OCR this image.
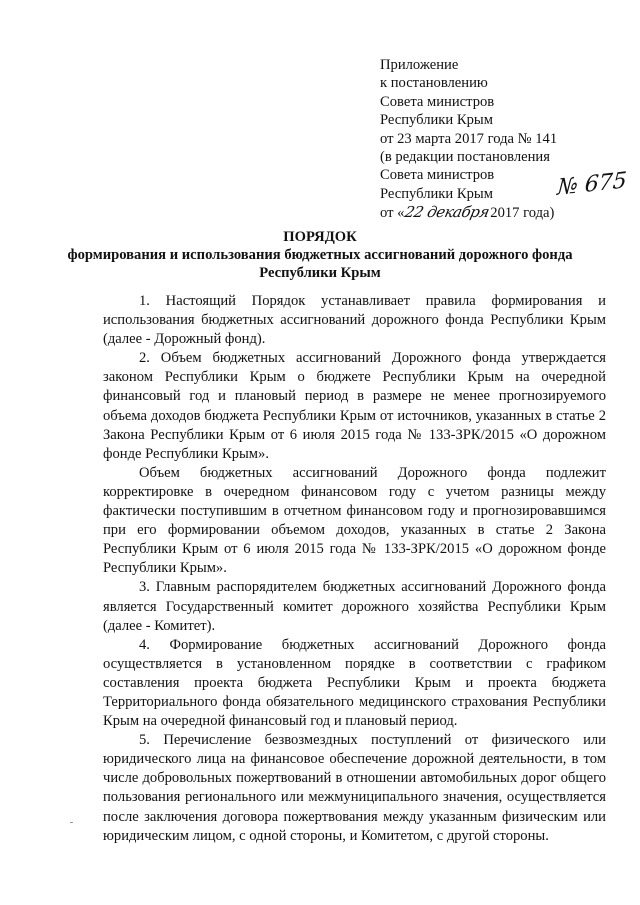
Приложение
к постановлению
Совета министров
Республики Крым
от 23 марта 2017 года № 141
(в редакции постановления
Совета министров
Республики Крым
от «22 декабря2017 года)
№ 675
ПОРЯДОК
формирования и использования бюджетных ассигнований дорожного фонда
Республики Крым

1. Настоящий Порядок устанавливает правила формирования и использования бюджетных ассигнований дорожного фонда Республики Крым (далее - Дорожный фонд).

2. Объем бюджетных ассигнований Дорожного фонда утверждается законом Республики Крым о бюджете Республики Крым на очередной финансовый год и плановый период в размере не менее прогнозируемого объема доходов бюджета Республики Крым от источников, указанных в статье 2 Закона Республики Крым от 6 июля 2015 года № 133-ЗРК/2015 «О дорожном фонде Республики Крым».

Объем бюджетных ассигнований Дорожного фонда подлежит корректировке в очередном финансовом году с учетом разницы между фактически поступившим в отчетном финансовом году и прогнозировавшимся при его формировании объемом доходов, указанных в статье 2 Закона Республики Крым от 6 июля 2015 года № 133-ЗРК/2015 «О дорожном фонде Республики Крым».

3. Главным распорядителем бюджетных ассигнований Дорожного фонда является Государственный комитет дорожного хозяйства Республики Крым (далее - Комитет).

4. Формирование бюджетных ассигнований Дорожного фонда осуществляется в установленном порядке в соответствии с графиком составления проекта бюджета Республики Крым и проекта бюджета Территориального фонда обязательного медицинского страхования Республики Крым на очередной финансовый год и плановый период.

5. Перечисление безвозмездных поступлений от физического или юридического лица на финансовое обеспечение дорожной деятельности, в том числе добровольных пожертвований в отношении автомобильных дорог общего пользования регионального или межмуниципального значения, осуществляется после заключения договора пожертвования между указанным физическим или юридическим лицом, с одной стороны, и Комитетом, с другой стороны.
